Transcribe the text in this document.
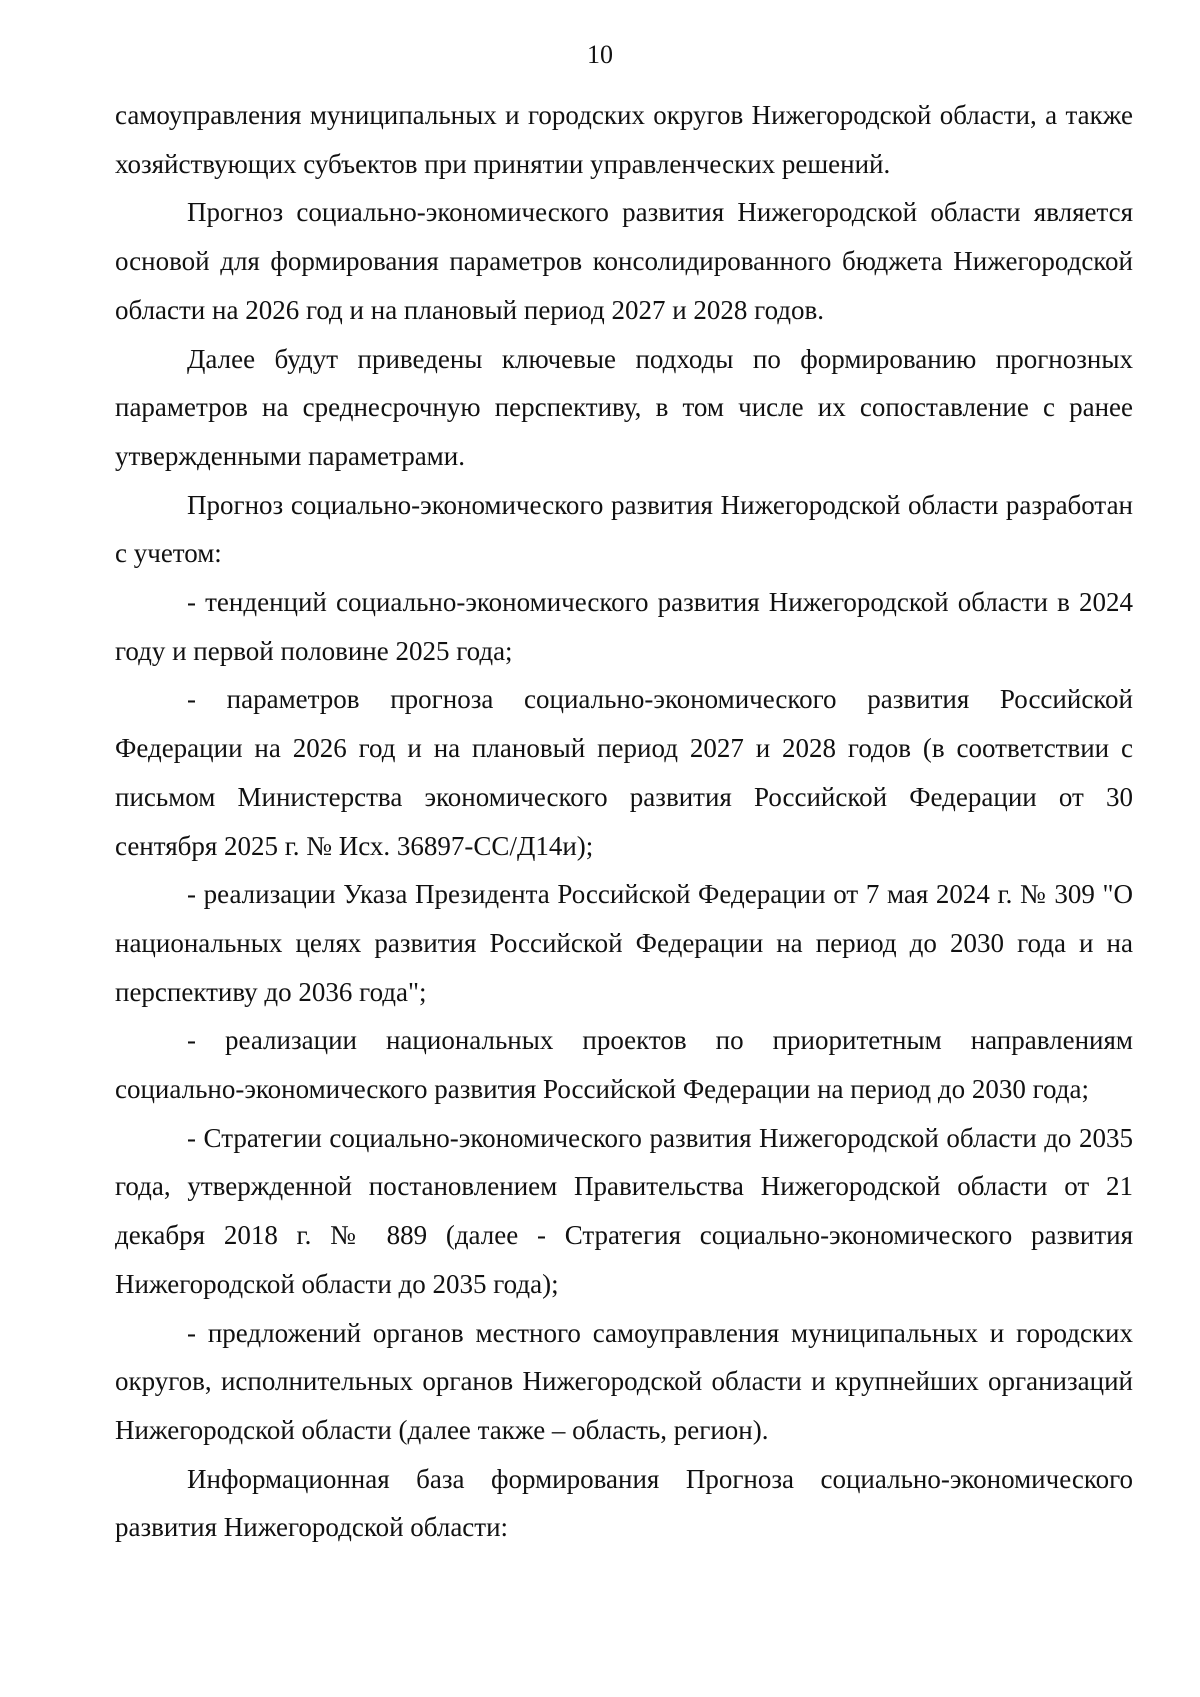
10

самоуправления муниципальных и городских округов Нижегородской области, а также хозяйствующих субъектов при принятии управленческих решений.

Прогноз социально-экономического развития Нижегородской области является основой для формирования параметров консолидированного бюджета Нижегородской области на 2026 год и на плановый период 2027 и 2028 годов.

Далее будут приведены ключевые подходы по формированию прогнозных параметров на среднесрочную перспективу, в том числе их сопоставление с ранее утвержденными параметрами.

Прогноз социально-экономического развития Нижегородской области разработан с учетом:

- тенденций социально-экономического развития Нижегородской области в 2024 году и первой половине 2025 года;

- параметров прогноза социально-экономического развития Российской Федерации на 2026 год и на плановый период 2027 и 2028 годов (в соответствии с письмом Министерства экономического развития Российской Федерации от 30 сентября 2025 г. № Исх. 36897-СС/Д14и);

- реализации Указа Президента Российской Федерации от 7 мая 2024 г. № 309 "О национальных целях развития Российской Федерации на период до 2030 года и на перспективу до 2036 года";

- реализации национальных проектов по приоритетным направлениям социально-экономического развития Российской Федерации на период до 2030 года;

- Стратегии социально-экономического развития Нижегородской области до 2035 года, утвержденной постановлением Правительства Нижегородской области от 21 декабря 2018 г. № 889 (далее - Стратегия социально-экономического развития Нижегородской области до 2035 года);

- предложений органов местного самоуправления муниципальных и городских округов, исполнительных органов Нижегородской области и крупнейших организаций Нижегородской области (далее также – область, регион).

Информационная база формирования Прогноза социально-экономического развития Нижегородской области:
